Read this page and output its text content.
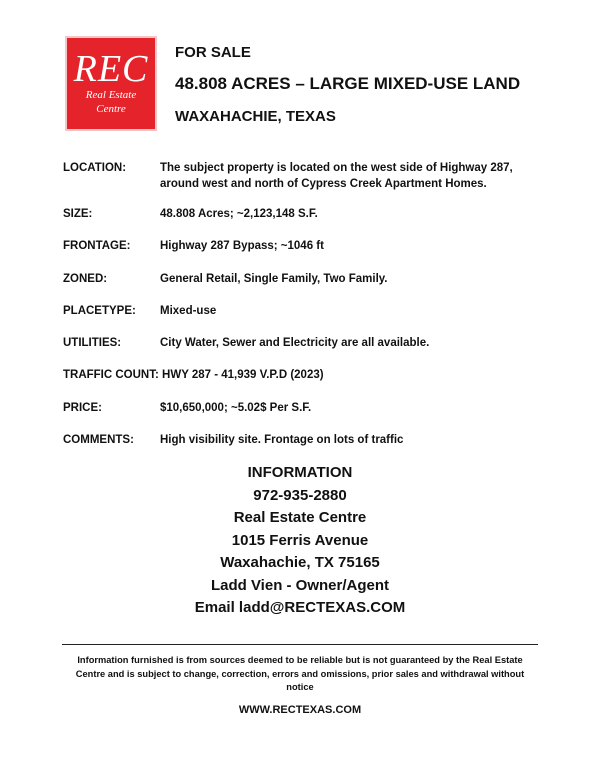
REC
Real Estate
Centre
FOR SALE
48.808 ACRES – LARGE MIXED-USE LAND
WAXAHACHIE, TEXAS
LOCATION:	The subject property is located on the west side of Highway 287, around west and north of Cypress Creek Apartment Homes.
SIZE:	48.808 Acres; ~2,123,148 S.F.
FRONTAGE:	Highway 287 Bypass; ~1046 ft
ZONED:	General Retail, Single Family, Two Family.
PLACETYPE: Mixed-use
UTILITIES:	City Water, Sewer and Electricity are all available.
TRAFFIC COUNT: HWY 287 - 41,939 V.P.D (2023)
PRICE:	$10,650,000; ~5.02$ Per S.F.
COMMENTS: High visibility site. Frontage on lots of traffic
INFORMATION
972-935-2880
Real Estate Centre
1015 Ferris Avenue
Waxahachie, TX 75165
Ladd Vien - Owner/Agent
Email ladd@RECTEXAS.COM
Information furnished is from sources deemed to be reliable but is not guaranteed by the Real Estate Centre and is subject to change, correction, errors and omissions, prior sales and withdrawal without notice
WWW.RECTEXAS.COM
